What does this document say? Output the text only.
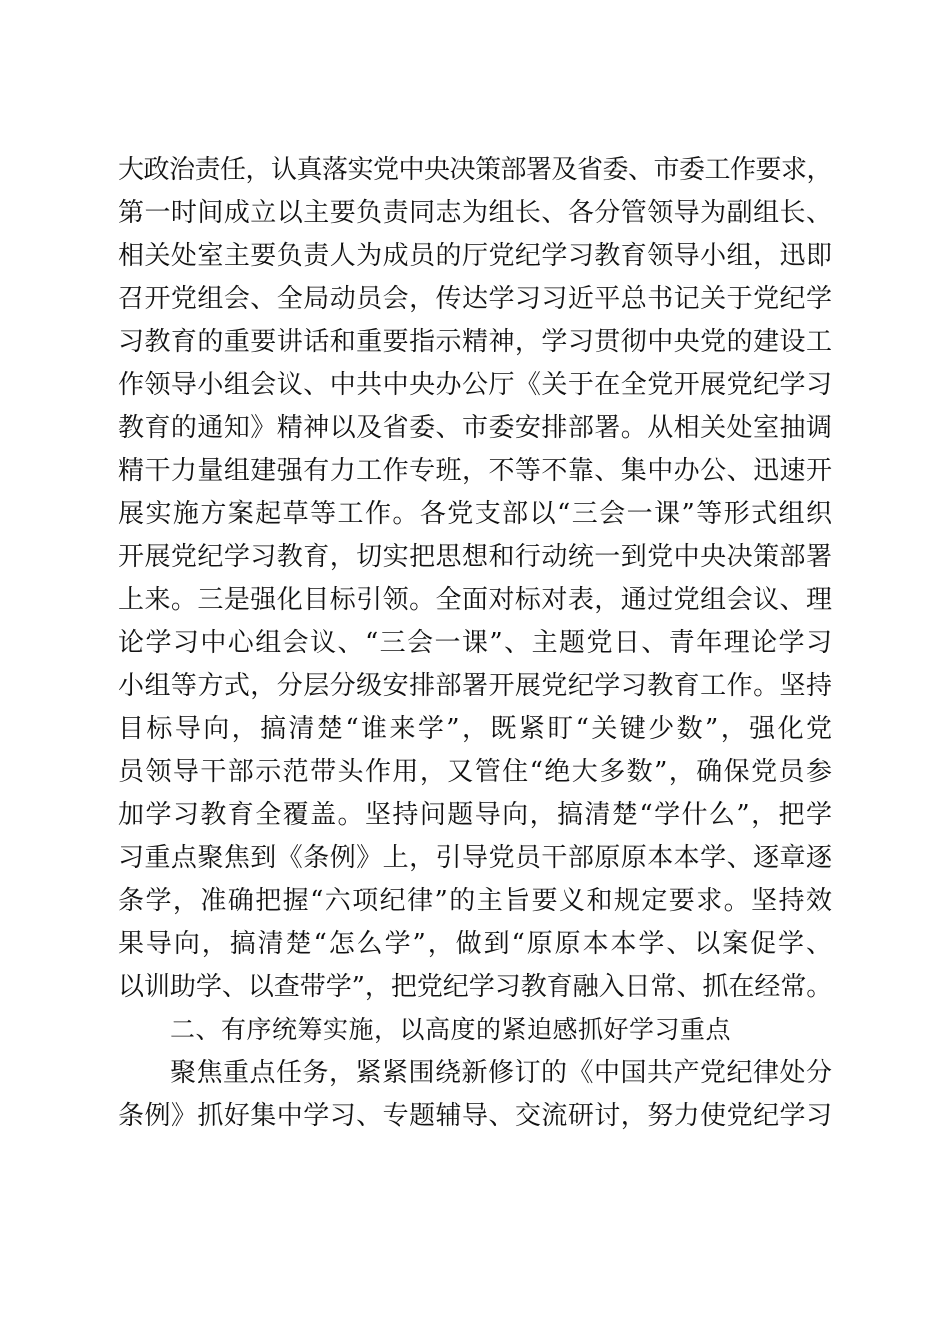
大政治责任，认真落实党中央决策部署及省委、市委工作要求，
第一时间成立以主要负责同志为组长、各分管领导为副组长、
相关处室主要负责人为成员的厅党纪学习教育领导小组，迅即
召开党组会、全局动员会，传达学习习近平总书记关于党纪学
习教育的重要讲话和重要指示精神，学习贯彻中央党的建设工
作领导小组会议、中共中央办公厅《关于在全党开展党纪学习
教育的通知》精神以及省委、市委安排部署。从相关处室抽调
精干力量组建强有力工作专班，不等不靠、集中办公、迅速开
展实施方案起草等工作。各党支部以“三会一课”等形式组织
开展党纪学习教育，切实把思想和行动统一到党中央决策部署
上来。三是强化目标引领。全面对标对表，通过党组会议、理
论学习中心组会议、“三会一课”、主题党日、青年理论学习
小组等方式，分层分级安排部署开展党纪学习教育工作。坚持
目标导向，搞清楚“谁来学”，既紧盯“关键少数”，强化党
员领导干部示范带头作用，又管住“绝大多数”，确保党员参
加学习教育全覆盖。坚持问题导向，搞清楚“学什么”，把学
习重点聚焦到《条例》上，引导党员干部原原本本学、逐章逐
条学，准确把握“六项纪律”的主旨要义和规定要求。坚持效
果导向，搞清楚“怎么学”，做到“原原本本学、以案促学、
以训助学、以查带学”，把党纪学习教育融入日常、抓在经常。
二、有序统筹实施，以高度的紧迫感抓好学习重点
聚焦重点任务，紧紧围绕新修订的《中国共产党纪律处分
条例》抓好集中学习、专题辅导、交流研讨，努力使党纪学习
